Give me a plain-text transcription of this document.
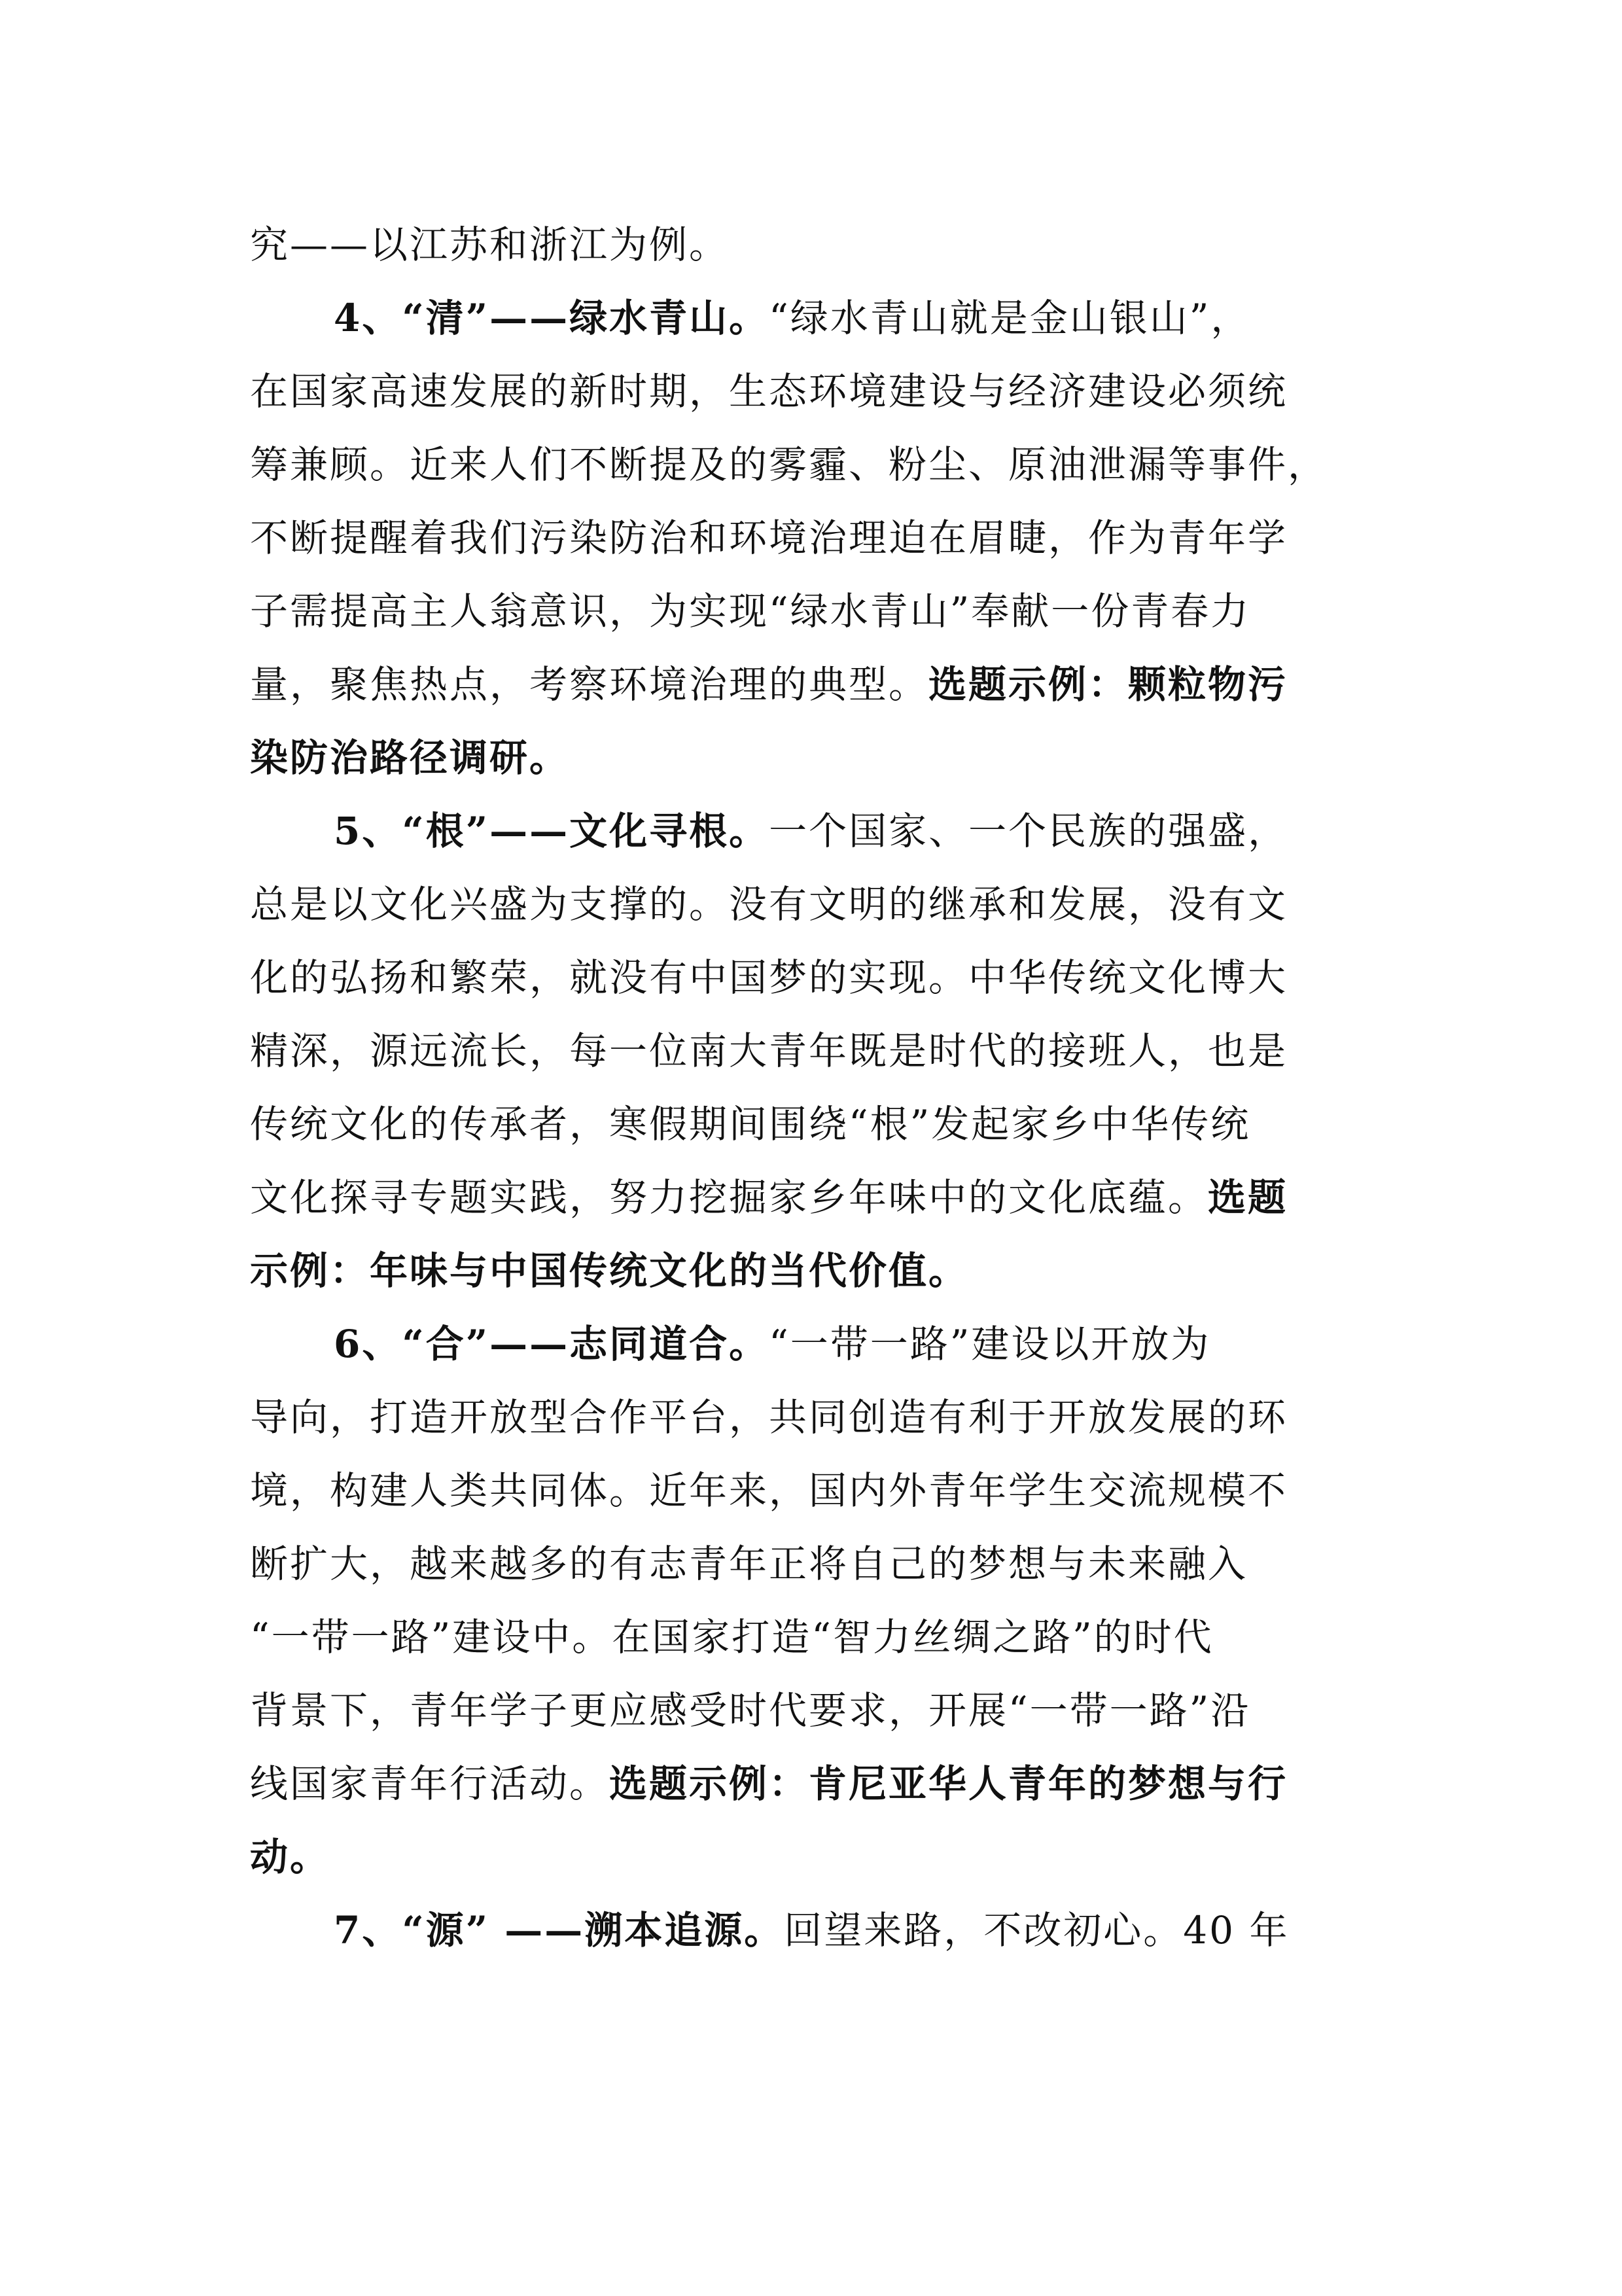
究——以江苏和浙江为例。
4、“清”——绿水青山。“绿水青山就是金山银山”，
在国家高速发展的新时期，生态环境建设与经济建设必须统
筹兼顾。近来人们不断提及的雾霾、粉尘、原油泄漏等事件，
不断提醒着我们污染防治和环境治理迫在眉睫，作为青年学
子需提高主人翁意识，为实现“绿水青山”奉献一份青春力
量，聚焦热点，考察环境治理的典型。选题示例：颗粒物污
染防治路径调研。
5、“根”——文化寻根。一个国家、一个民族的强盛，
总是以文化兴盛为支撑的。没有文明的继承和发展，没有文
化的弘扬和繁荣，就没有中国梦的实现。中华传统文化博大
精深，源远流长，每一位南大青年既是时代的接班人，也是
传统文化的传承者，寒假期间围绕“根”发起家乡中华传统
文化探寻专题实践，努力挖掘家乡年味中的文化底蕴。选题
示例：年味与中国传统文化的当代价值。
6、“合”——志同道合。“一带一路”建设以开放为
导向，打造开放型合作平台，共同创造有利于开放发展的环
境，构建人类共同体。近年来，国内外青年学生交流规模不
断扩大，越来越多的有志青年正将自己的梦想与未来融入
“一带一路”建设中。在国家打造“智力丝绸之路”的时代
背景下，青年学子更应感受时代要求，开展“一带一路”沿
线国家青年行活动。选题示例：肯尼亚华人青年的梦想与行
动。
7、“源” ——溯本追源。回望来路，不改初心。40 年
